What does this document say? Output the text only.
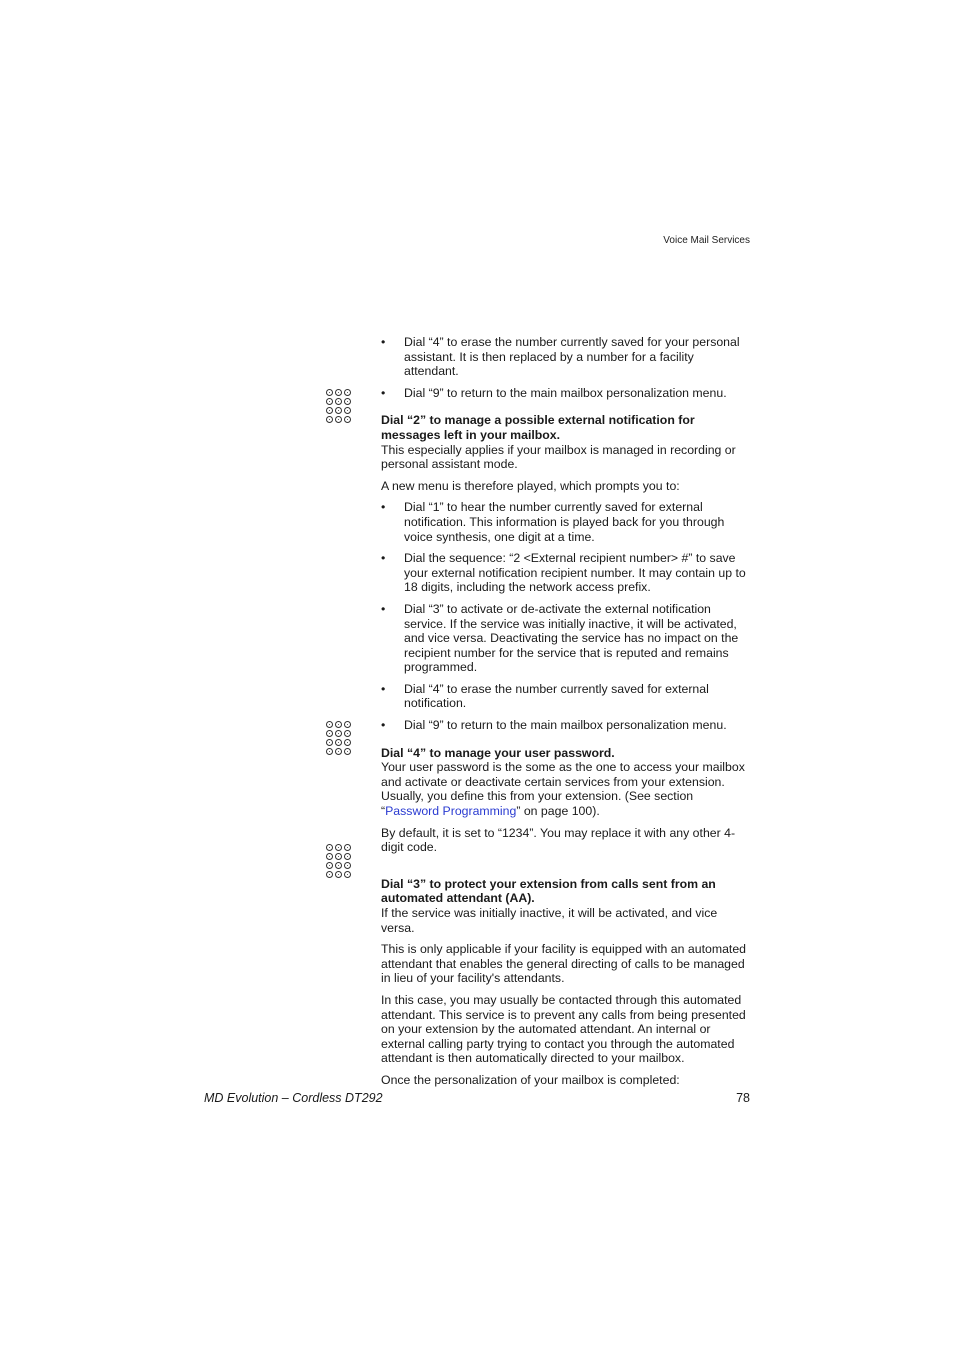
Voice Mail Services
• Dial “4” to erase the number currently saved for your personal assistant. It is then replaced by a number for a facility attendant.
• Dial “9” to return to the main mailbox personalization menu.
Dial “2” to manage a possible external notification for messages left in your mailbox.
This especially applies if your mailbox is managed in recording or personal assistant mode.
A new menu is therefore played, which prompts you to:
• Dial “1” to hear the number currently saved for external notification. This information is played back for you through voice synthesis, one digit at a time.
• Dial the sequence: “2 <External recipient number> #” to save your external notification recipient number. It may contain up to 18 digits, including the network access prefix.
• Dial “3” to activate or de-activate the external notification service. If the service was initially inactive, it will be activated, and vice versa. Deactivating the service has no impact on the recipient number for the service that is reputed and remains programmed.
• Dial “4” to erase the number currently saved for external notification.
• Dial “9” to return to the main mailbox personalization menu.
Dial “4” to manage your user password.
Your user password is the some as the one to access your mailbox and activate or deactivate certain services from your extension. Usually, you define this from your extension. (See section “Password Programming” on page 100).
By default, it is set to “1234”. You may replace it with any other 4-digit code.
Dial “3” to protect your extension from calls sent from an automated attendant (AA).
If the service was initially inactive, it will be activated, and vice versa.
This is only applicable if your facility is equipped with an automated attendant that enables the general directing of calls to be managed in lieu of your facility's attendants.
In this case, you may usually be contacted through this automated attendant. This service is to prevent any calls from being presented on your extension by the automated attendant. An internal or external calling party trying to contact you through the automated attendant is then automatically directed to your mailbox.
Once the personalization of your mailbox is completed:
MD Evolution – Cordless DT292	78
